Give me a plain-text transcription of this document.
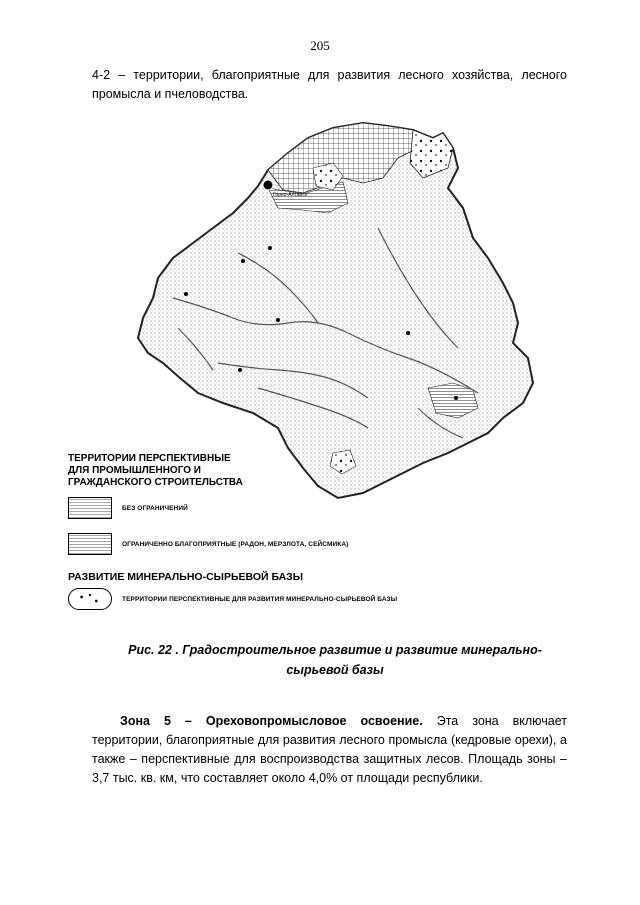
205
4-2 – территории, благоприятные для развития лесного хозяйства, лесного промысла и пчеловодства.
Горно-Алтайск
ТЕРРИТОРИИ ПЕРСПЕКТИВНЫЕ
ДЛЯ ПРОМЫШЛЕННОГО И
ГРАЖДАНСКОГО СТРОИТЕЛЬСТВА
БЕЗ ОГРАНИЧЕНИЙ
ОГРАНИЧЕННО БЛАГОПРИЯТНЫЕ (РАДОН, МЕРЗЛОТА, СЕЙСМИКА)
РАЗВИТИЕ МИНЕРАЛЬНО-СЫРЬЕВОЙ БАЗЫ
ТЕРРИТОРИИ ПЕРСПЕКТИВНЫЕ ДЛЯ РАЗВИТИЯ МИНЕРАЛЬНО-СЫРЬЕВОЙ БАЗЫ
Рис. 22 . Градостроительное развитие и развитие минерально-
сырьевой базы
Зона 5 – Ореховопромысловое освоение. Эта зона включает территории, благоприятные для развития лесного промысла (кедровые орехи), а также – перспективные для воспроизводства защитных лесов. Площадь зоны – 3,7 тыс. кв. км, что составляет около 4,0% от площади республики.
